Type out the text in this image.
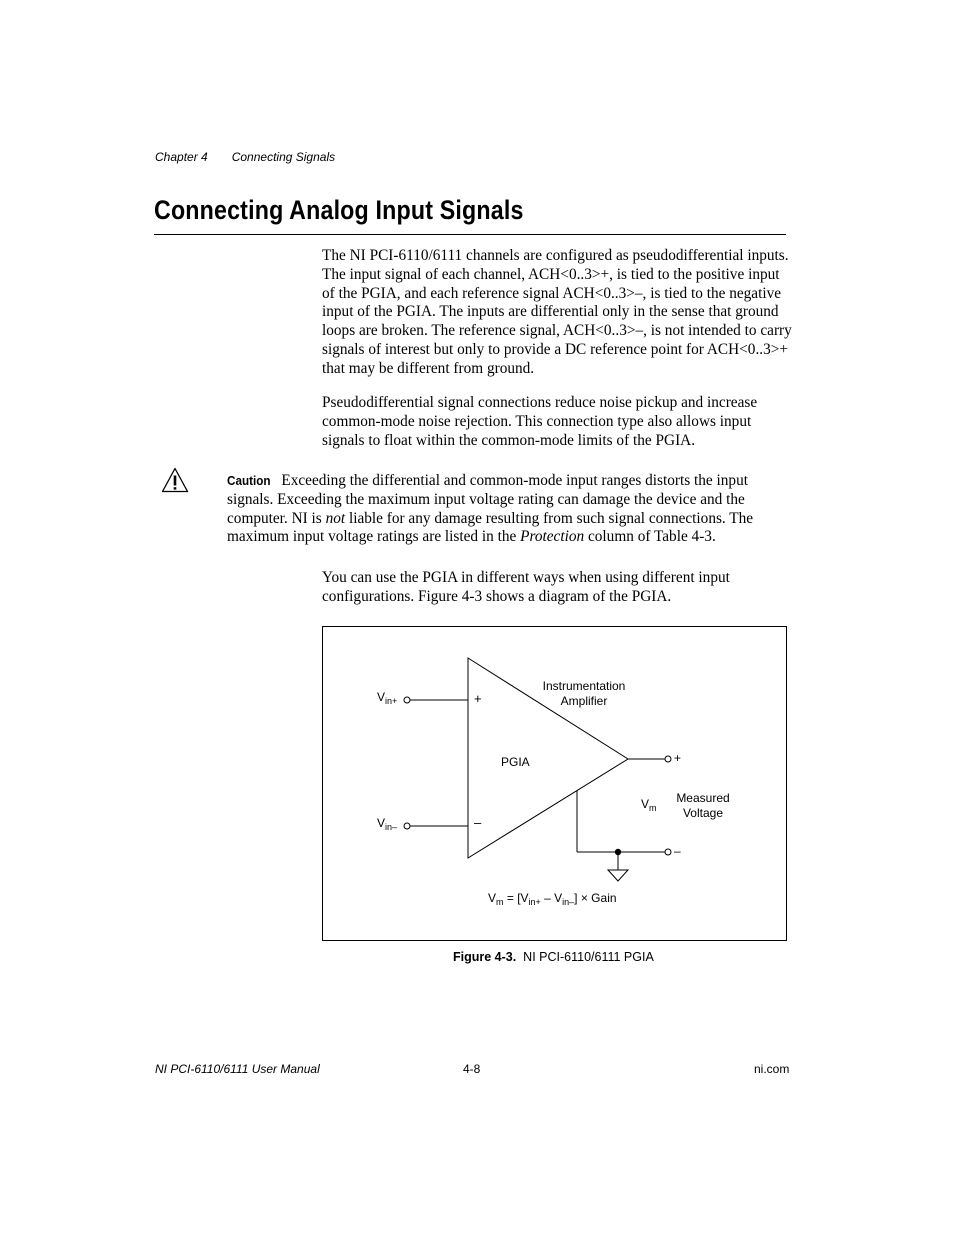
Chapter 4 Connecting Signals
Connecting Analog Input Signals
The NI PCI-6110/6111 channels are configured as pseudodifferential inputs. The input signal of each channel, ACH<0..3>+, is tied to the positive input of the PGIA, and each reference signal ACH<0..3>–, is tied to the negative input of the PGIA. The inputs are differential only in the sense that ground loops are broken. The reference signal, ACH<0..3>–, is not intended to carry signals of interest but only to provide a DC reference point for ACH<0..3>+ that may be different from ground.
Pseudodifferential signal connections reduce noise pickup and increase common-mode noise rejection. This connection type also allows input signals to float within the common-mode limits of the PGIA.
Caution Exceeding the differential and common-mode input ranges distorts the input signals. Exceeding the maximum input voltage rating can damage the device and the computer. NI is not liable for any damage resulting from such signal connections. The maximum input voltage ratings are listed in the Protection column of Table 4-3.
You can use the PGIA in different ways when using different input configurations. Figure 4-3 shows a diagram of the PGIA.
$V_{in+}$
$V_{in-}$
+
–
Instrumentation
Amplifier
PGIA	+
–
$V_m$
Measured
Voltage
$V_m = [V_{in+} - V_{in-}]$ × Gain
Figure 4-3. NI PCI-6110/6111 PGIA
NI PCI-6110/6111 User Manual	4-8	ni.com
